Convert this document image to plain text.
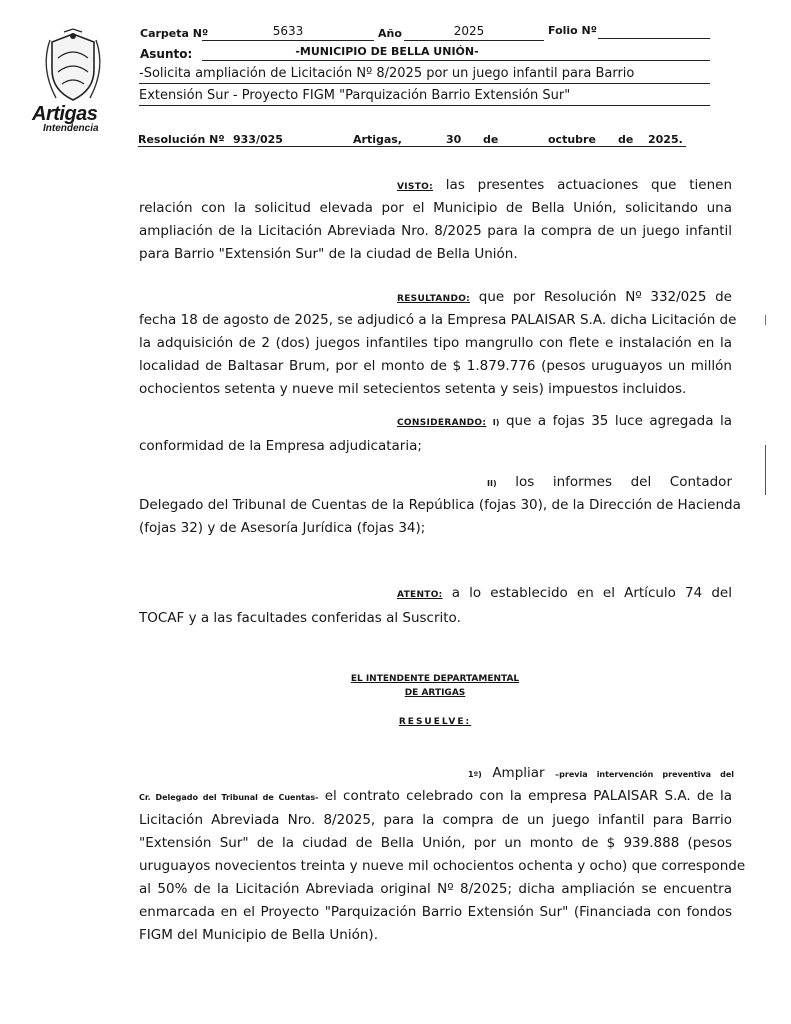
Artigas
Intendencia
Carpeta Nº	5633	Año	2025	Folio Nº
Asunto:	-MUNICIPIO DE BELLA UNIÓN-
-Solicita ampliación de Licitación Nº 8/2025 por un juego infantil para Barrio
Extensión Sur - Proyecto FIGM "Parquización Barrio Extensión Sur"
Resolución Nº 933/025	Artigas,	30 de	octubre de 2025.
VISTO: las presentes actuaciones que tienen
relación con la solicitud elevada por el Municipio de Bella Unión, solicitando una
ampliación de la Licitación Abreviada Nro. 8/2025 para la compra de un juego infantil
para Barrio "Extensión Sur" de la ciudad de Bella Unión.
RESULTANDO: que por Resolución Nº 332/025 de
fecha 18 de agosto de 2025, se adjudicó a la Empresa PALAISAR S.A. dicha Licitación de
la adquisición de 2 (dos) juegos infantiles tipo mangrullo con flete e instalación en la
localidad de Baltasar Brum, por el monto de $ 1.879.776 (pesos uruguayos un millón
ochocientos setenta y nueve mil setecientos setenta y seis) impuestos incluidos.
CONSIDERANDO: I) que a fojas 35 luce agregada la
conformidad de la Empresa adjudicataria;
II) los informes del Contador
Delegado del Tribunal de Cuentas de la República (fojas 30), de la Dirección de Hacienda
(fojas 32) y de Asesoría Jurídica (fojas 34);
ATENTO: a lo establecido en el Artículo 74 del
TOCAF y a las facultades conferidas al Suscrito.
EL INTENDENTE DEPARTAMENTAL
DE ARTIGAS
RESUELVE:
1º) Ampliar –previa intervención preventiva del
Cr. Delegado del Tribunal de Cuentas- el contrato celebrado con la empresa PALAISAR S.A. de la
Licitación Abreviada Nro. 8/2025, para la compra de un juego infantil para Barrio
"Extensión Sur" de la ciudad de Bella Unión, por un monto de $ 939.888 (pesos
uruguayos novecientos treinta y nueve mil ochocientos ochenta y ocho) que corresponde
al 50% de la Licitación Abreviada original Nº 8/2025; dicha ampliación se encuentra
enmarcada en el Proyecto "Parquización Barrio Extensión Sur" (Financiada con fondos
FIGM del Municipio de Bella Unión).
